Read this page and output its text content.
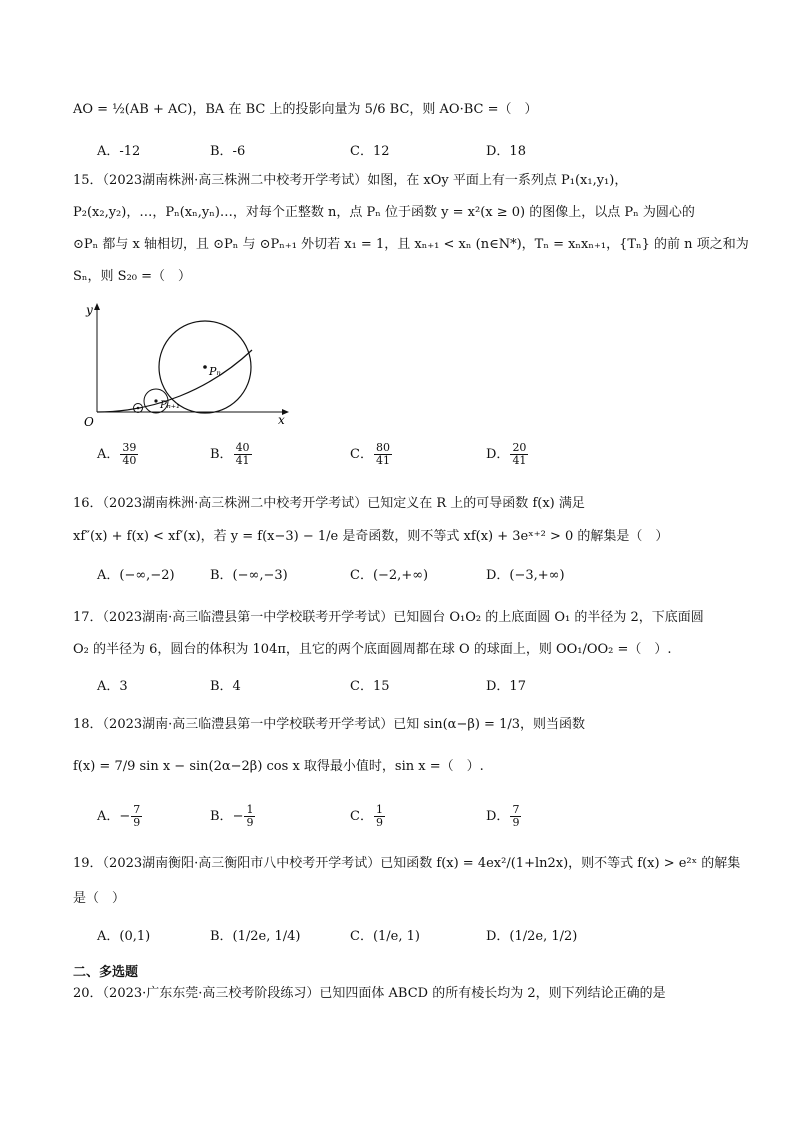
AO = ½(AB + AC)，BA 在 BC 上的投影向量为 5/6 BC，则 AO·BC =（　）
A．-12	B．-6	C．12	D．18
15．（2023湖南株洲·高三株洲二中校考开学考试）如图，在 xOy 平面上有一系列点 P₁(x₁,y₁)，
P₂(x₂,y₂)，…，Pₙ(xₙ,yₙ)…，对每个正整数 n，点 Pₙ 位于函数 y = x²(x ≥ 0) 的图像上，以点 Pₙ 为圆心的
⊙Pₙ 都与 x 轴相切，且 ⊙Pₙ 与 ⊙Pₙ₊₁ 外切若 x₁ = 1，且 xₙ₊₁ < xₙ (n∈N*)，Tₙ = xₙxₙ₊₁，{Tₙ} 的前 n 项之和为
Sₙ，则 S₂₀ =（　）
y
x
O
Pₙ
Pₙ₊₁
A． $\frac{39}{40}$	B． $\frac{40}{41}$	C． $\frac{80}{41}$	D． $\frac{20}{41}$
16．（2023湖南株洲·高三株洲二中校考开学考试）已知定义在 R 上的可导函数 f(x) 满足
xf″(x) + f(x) < xf′(x)，若 y = f(x−3) − 1/e 是奇函数，则不等式 xf(x) + 3eˣ⁺² > 0 的解集是（　）
A．(−∞,−2)	B．(−∞,−3)	C．(−2,+∞)	D．(−3,+∞)
17．（2023湖南·高三临澧县第一中学校联考开学考试）已知圆台 O₁O₂ 的上底面圆 O₁ 的半径为 2，下底面圆
O₂ 的半径为 6，圆台的体积为 104π，且它的两个底面圆周都在球 O 的球面上，则 OO₁/OO₂ =（　）.
A．3	B．4	C．15	D．17
18．（2023湖南·高三临澧县第一中学校联考开学考试）已知 sin(α−β) = 1/3，则当函数
f(x) = 7/9 sin x − sin(2α−2β) cos x 取得最小值时，sin x =（　）.
A．− $\frac{7}{9}$	B．− $\frac{1}{9}$	C． $\frac{1}{9}$	D． $\frac{7}{9}$
19．（2023湖南衡阳·高三衡阳市八中校考开学考试）已知函数 f(x) = 4ex²/(1+ln2x)，则不等式 f(x) > e²ˣ 的解集
是（　）
A．(0,1)	B．(1/2e, 1/4)	C．(1/e, 1)	D．(1/2e, 1/2)
二、多选题
20．（2023·广东东莞·高三校考阶段练习）已知四面体 ABCD 的所有棱长均为 2，则下列结论正确的是
